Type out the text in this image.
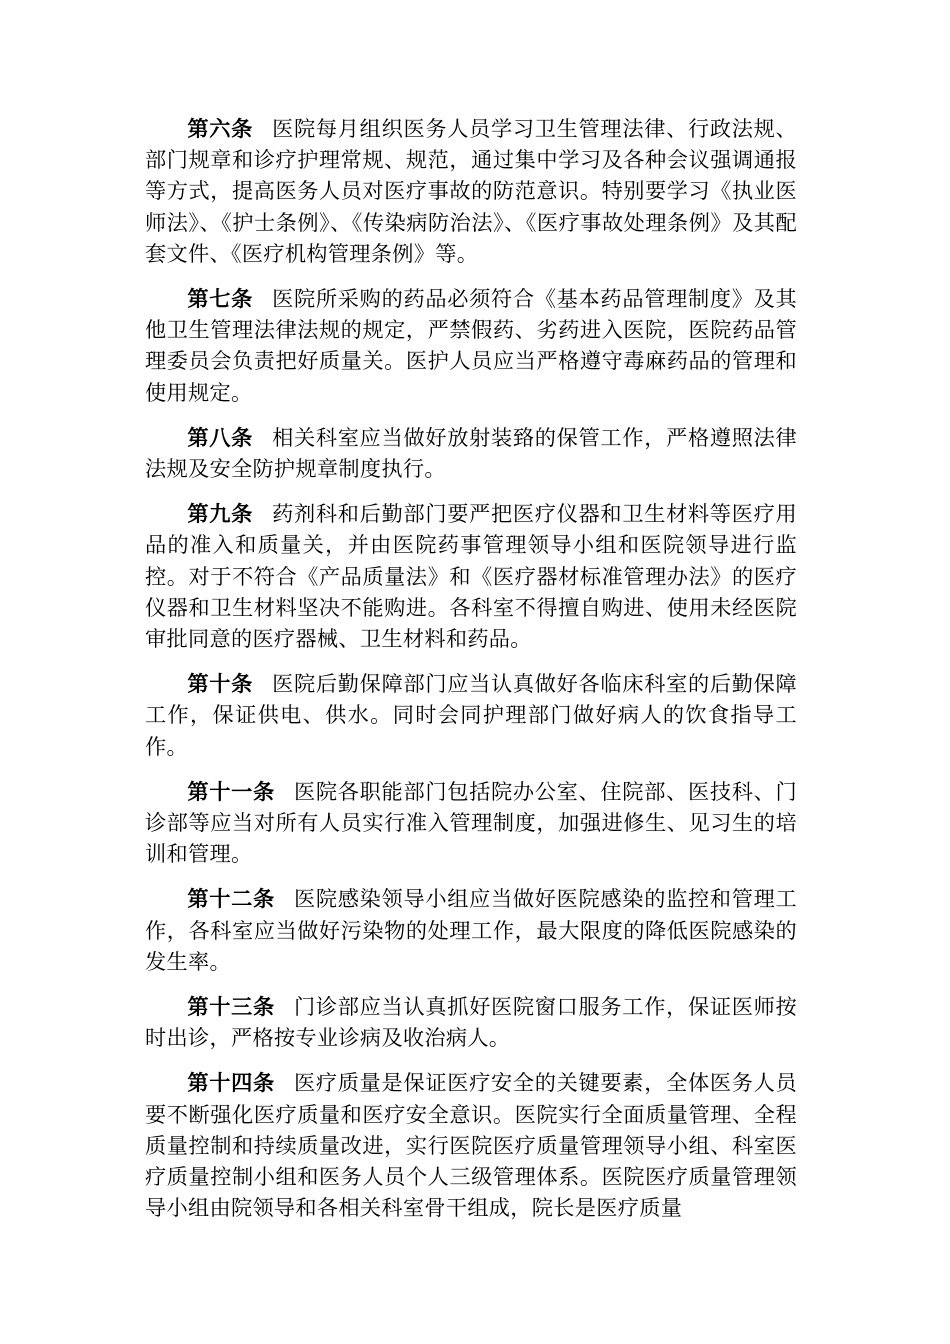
第六条 医院每月组织医务人员学习卫生管理法律、行政法规、部门规章和诊疗护理常规、规范，通过集中学习及各种会议强调通报等方式，提高医务人员对医疗事故的防范意识。特别要学习《执业医师法》、《护士条例》、《传染病防治法》、《医疗事故处理条例》及其配套文件、《医疗机构管理条例》等。

第七条 医院所采购的药品必须符合《基本药品管理制度》及其他卫生管理法律法规的规定，严禁假药、劣药进入医院，医院药品管理委员会负责把好质量关。医护人员应当严格遵守毒麻药品的管理和使用规定。

第八条 相关科室应当做好放射装臵的保管工作，严格遵照法律法规及安全防护规章制度执行。

第九条 药剂科和后勤部门要严把医疗仪器和卫生材料等医疗用品的准入和质量关，并由医院药事管理领导小组和医院领导进行监控。对于不符合《产品质量法》和《医疗器材标准管理办法》的医疗仪器和卫生材料坚决不能购进。各科室不得擅自购进、使用未经医院审批同意的医疗器械、卫生材料和药品。

第十条 医院后勤保障部门应当认真做好各临床科室的后勤保障工作，保证供电、供水。同时会同护理部门做好病人的饮食指导工作。

第十一条 医院各职能部门包括院办公室、住院部、医技科、门诊部等应当对所有人员实行准入管理制度，加强进修生、见习生的培训和管理。

第十二条 医院感染领导小组应当做好医院感染的监控和管理工作，各科室应当做好污染物的处理工作，最大限度的降低医院感染的发生率。

第十三条 门诊部应当认真抓好医院窗口服务工作，保证医师按时出诊，严格按专业诊病及收治病人。

第十四条 医疗质量是保证医疗安全的关键要素，全体医务人员要不断强化医疗质量和医疗安全意识。医院实行全面质量管理、全程质量控制和持续质量改进，实行医院医疗质量管理领导小组、科室医疗质量控制小组和医务人员个人三级管理体系。医院医疗质量管理领导小组由院领导和各相关科室骨干组成，院长是医疗质量
